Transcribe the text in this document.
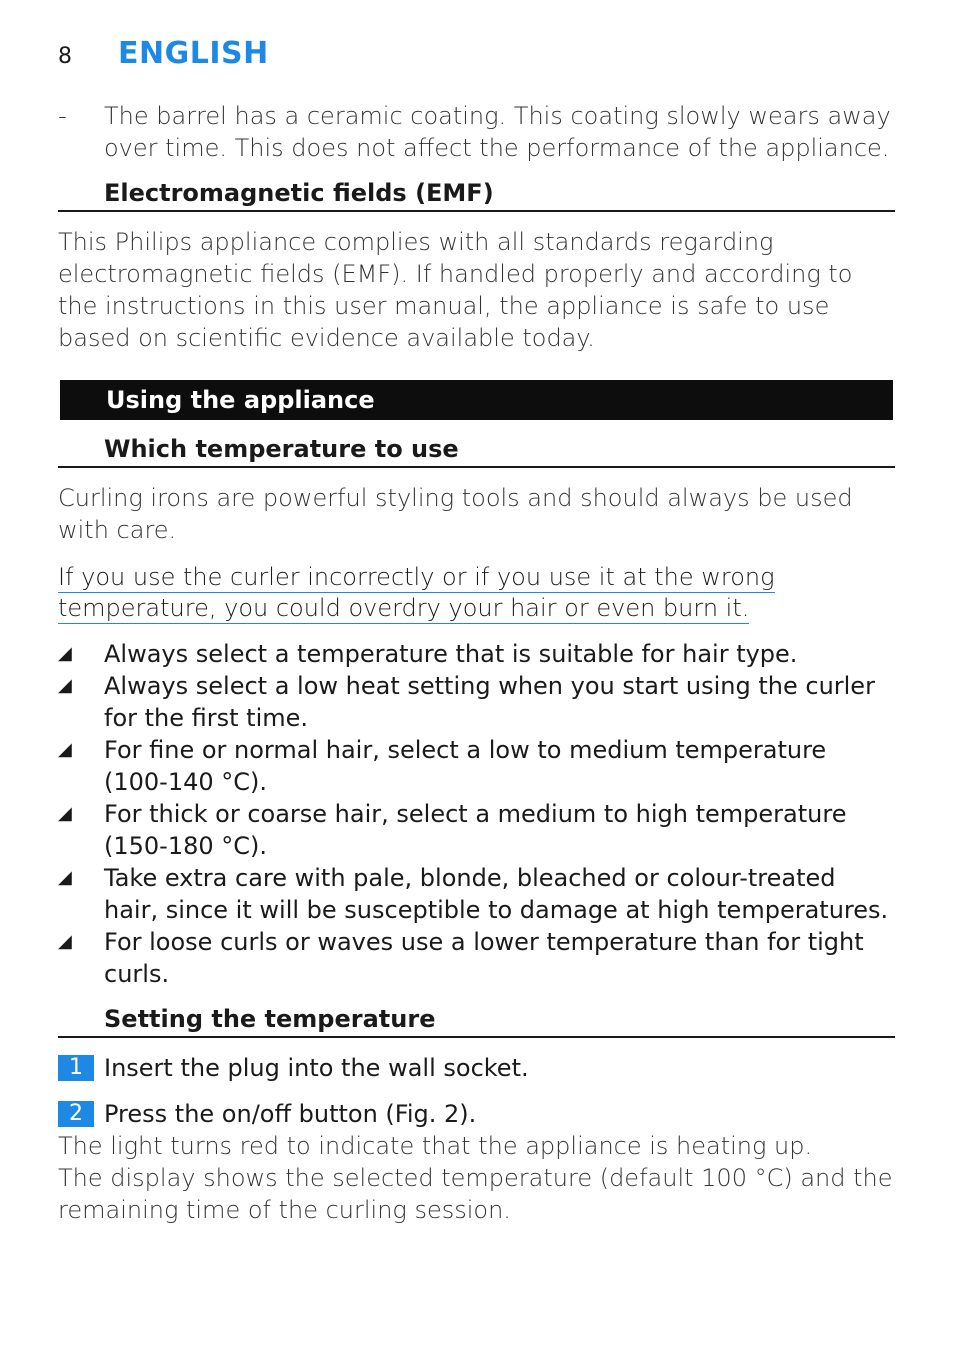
8	ENGLISH
-	The barrel has a ceramic coating. This coating slowly wears away over time. This does not affect the performance of the appliance.

Electromagnetic fields (EMF)

This Philips appliance complies with all standards regarding electromagnetic fields (EMF). If handled properly and according to the instructions in this user manual, the appliance is safe to use based on scientific evidence available today.

Using the appliance
Which temperature to use

Curling irons are powerful styling tools and should always be used with care.

If you use the curler incorrectly or if you use it at the wrong
temperature, you could overdry your hair or even burn it.
◢	Always select a temperature that is suitable for hair type.
◢	Always select a low heat setting when you start using the curler for the first time.
◢	For fine or normal hair, select a low to medium temperature (100-140 °C).
◢	For thick or coarse hair, select a medium to high temperature (150-180 °C).
◢	Take extra care with pale, blonde, bleached or colour-treated hair, since it will be susceptible to damage at high temperatures.
◢	For loose curls or waves use a lower temperature than for tight curls.
Setting the temperature
1 Insert the plug into the wall socket.
2 Press the on/off button (Fig. 2).

The light turns red to indicate that the appliance is heating up.

The display shows the selected temperature (default 100 °C) and the remaining time of the curling session.
